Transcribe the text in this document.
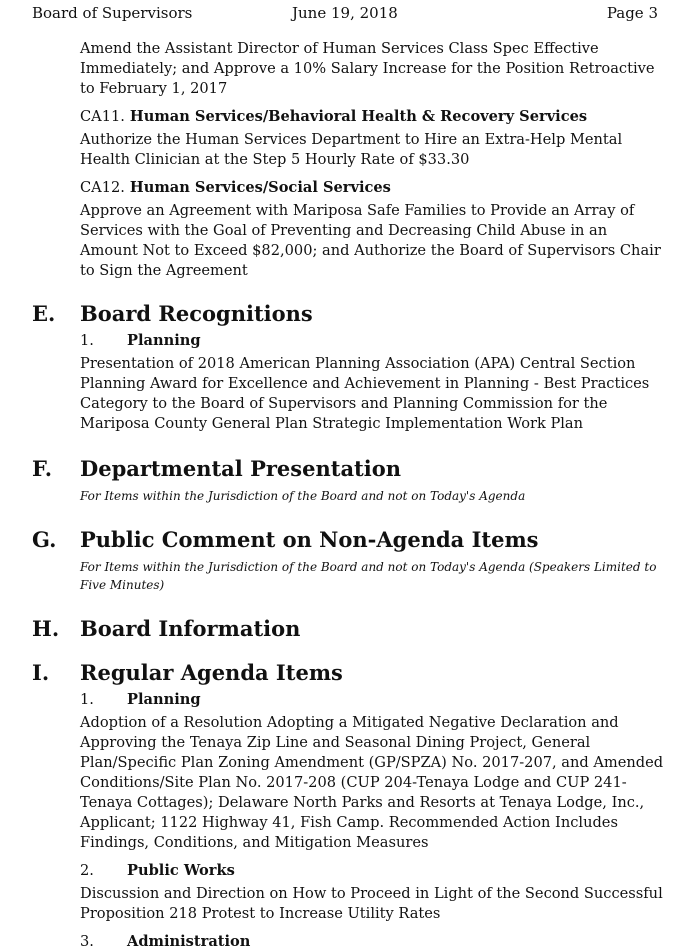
Board of Supervisors	June 19, 2018	Page 3
Amend the Assistant Director of Human Services Class Spec Effective Immediately; and Approve a 10% Salary Increase for the Position Retroactive to February 1, 2017
CA11. Human Services/Behavioral Health & Recovery Services
Authorize the Human Services Department to Hire an Extra-Help Mental Health Clinician at the Step 5 Hourly Rate of $33.30
CA12. Human Services/Social Services
Approve an Agreement with Mariposa Safe Families to Provide an Array of Services with the Goal of Preventing and Decreasing Child Abuse in an Amount Not to Exceed $82,000; and Authorize the Board of Supervisors Chair to Sign the Agreement
E. Board Recognitions
1. Planning
Presentation of 2018 American Planning Association (APA) Central Section Planning Award for Excellence and Achievement in Planning - Best Practices Category to the Board of Supervisors and Planning Commission for the Mariposa County General Plan Strategic Implementation Work Plan
F. Departmental Presentation
For Items within the Jurisdiction of the Board and not on Today's Agenda
G. Public Comment on Non-Agenda Items
For Items within the Jurisdiction of the Board and not on Today's Agenda (Speakers Limited to Five Minutes)
H. Board Information
I. Regular Agenda Items
1. Planning
Adoption of a Resolution Adopting a Mitigated Negative Declaration and Approving the Tenaya Zip Line and Seasonal Dining Project, General Plan/Specific Plan Zoning Amendment (GP/SPZA) No. 2017-207, and Amended Conditions/Site Plan No. 2017-208 (CUP 204-Tenaya Lodge and CUP 241-Tenaya Cottages); Delaware North Parks and Resorts at Tenaya Lodge, Inc., Applicant; 1122 Highway 41, Fish Camp. Recommended Action Includes Findings, Conditions, and Mitigation Measures
2. Public Works
Discussion and Direction on How to Proceed in Light of the Second Successful Proposition 218 Protest to Increase Utility Rates
3. Administration
